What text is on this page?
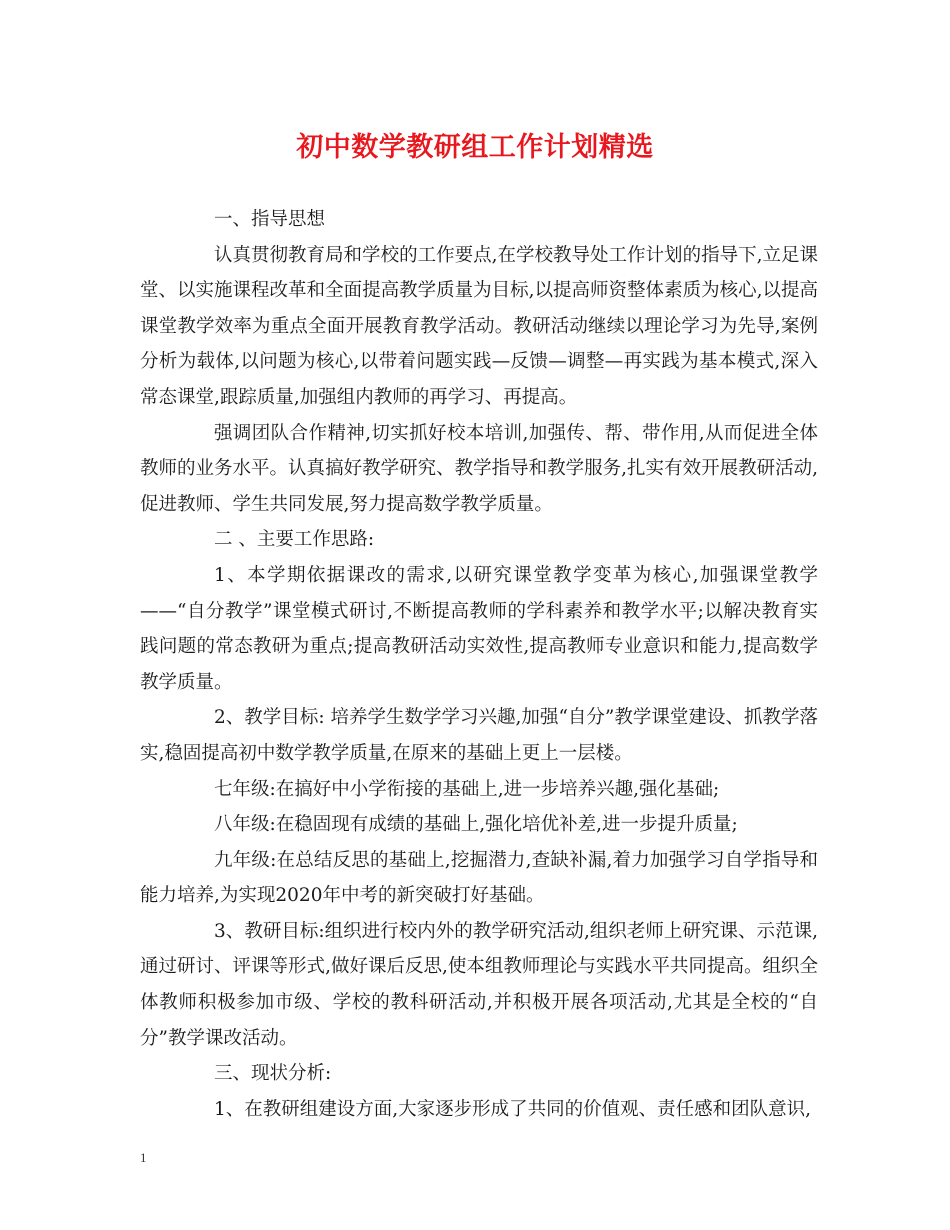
初中数学教研组工作计划精选

一、指导思想

认真贯彻教育局和学校的工作要点,在学校教导处工作计划的指导下,立足课堂、以实施课程改革和全面提高教学质量为目标,以提高师资整体素质为核心,以提高课堂教学效率为重点全面开展教育教学活动。教研活动继续以理论学习为先导,案例分析为载体,以问题为核心,以带着问题实践—反馈—调整—再实践为基本模式,深入常态课堂,跟踪质量,加强组内教师的再学习、再提高。

强调团队合作精神,切实抓好校本培训,加强传、帮、带作用,从而促进全体教师的业务水平。认真搞好教学研究、教学指导和教学服务,扎实有效开展教研活动,促进教师、学生共同发展,努力提高数学教学质量。

二 、主要工作思路:

1、本学期依据课改的需求,以研究课堂教学变革为核心,加强课堂教学——“自分教学”课堂模式研讨,不断提高教师的学科素养和教学水平;以解决教育实践问题的常态教研为重点;提高教研活动实效性,提高教师专业意识和能力,提高数学教学质量。

2、教学目标: 培养学生数学学习兴趣,加强“自分”教学课堂建设、抓教学落实,稳固提高初中数学教学质量,在原来的基础上更上一层楼。

七年级:在搞好中小学衔接的基础上,进一步培养兴趣,强化基础;

八年级:在稳固现有成绩的基础上,强化培优补差,进一步提升质量;

九年级:在总结反思的基础上,挖掘潜力,查缺补漏,着力加强学习自学指导和能力培养,为实现2020年中考的新突破打好基础。

3、教研目标:组织进行校内外的教学研究活动,组织老师上研究课、示范课,通过研讨、评课等形式,做好课后反思,使本组教师理论与实践水平共同提高。组织全体教师积极参加市级、学校的教科研活动,并积极开展各项活动,尤其是全校的“自分”教学课改活动。

三、现状分析:

1、在教研组建设方面,大家逐步形成了共同的价值观、责任感和团队意识,

1
